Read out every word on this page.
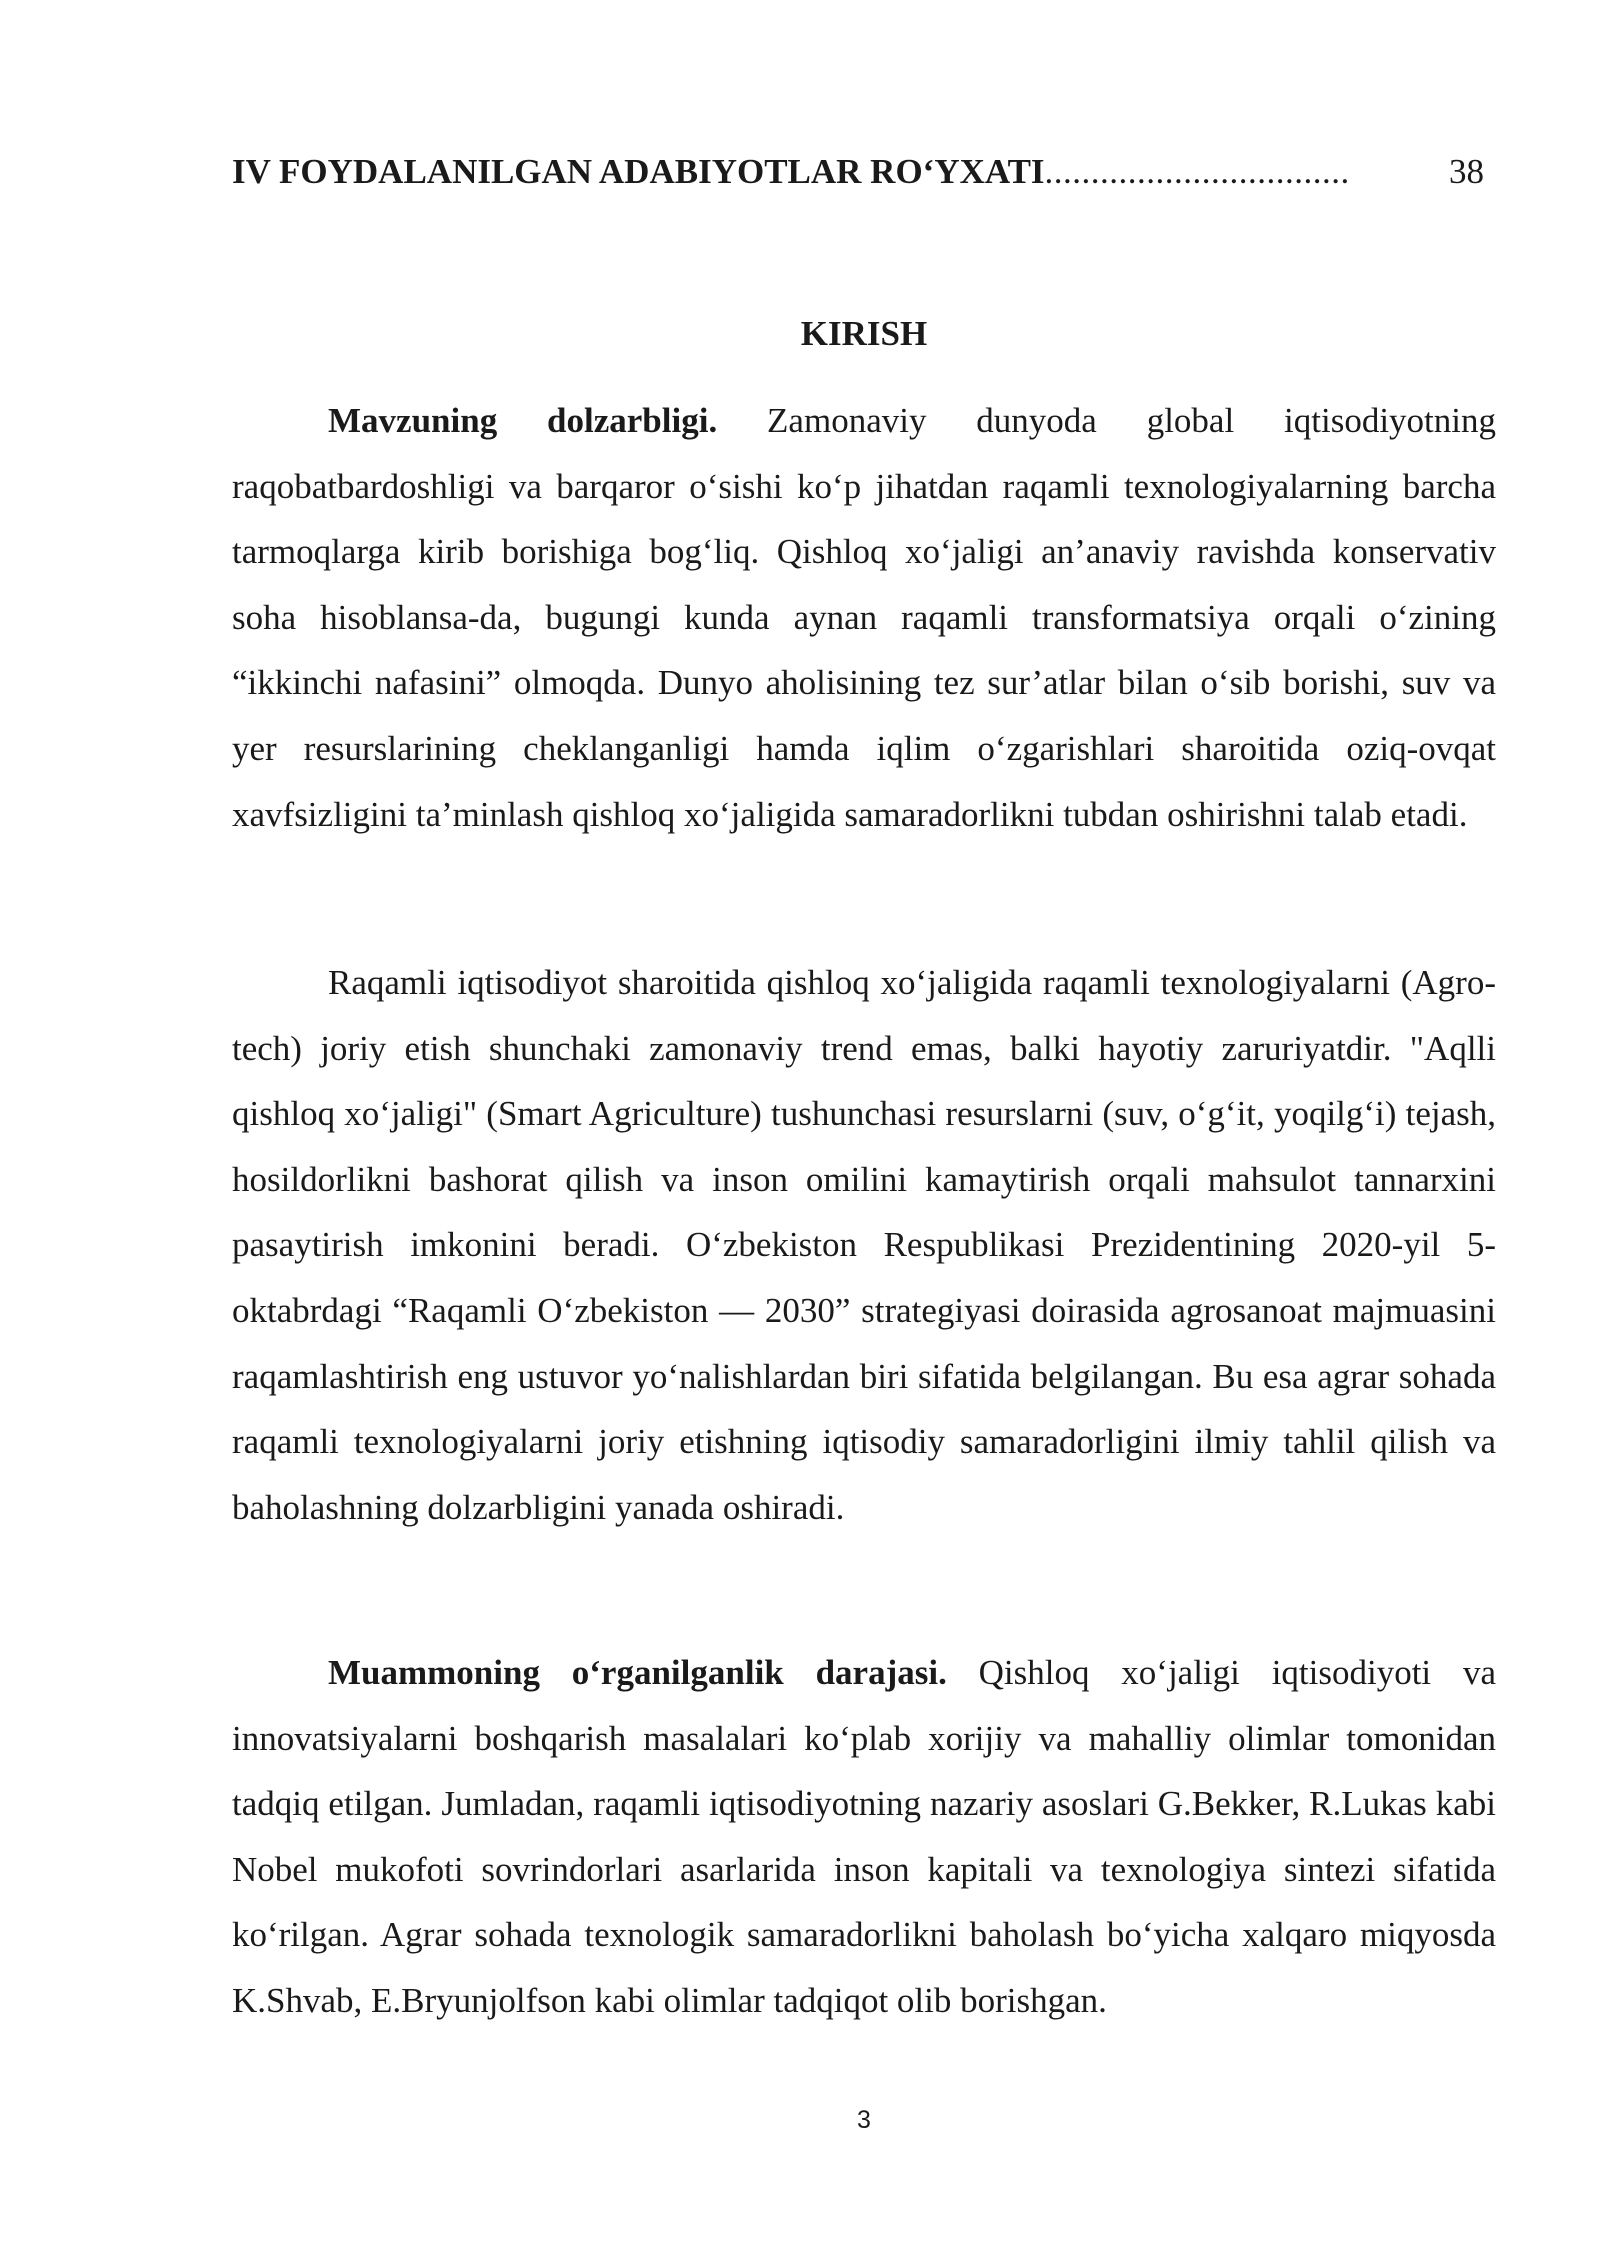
IV FOYDALANILGAN ADABIYOTLAR RO‘YXATI .................................	38
KIRISH

Mavzuning dolzarbligi. Zamonaviy dunyoda global iqtisodiyotning raqobatbardoshligi va barqaror o‘sishi ko‘p jihatdan raqamli texnologiyalarning barcha tarmoqlarga kirib borishiga bog‘liq. Qishloq xo‘jaligi an’anaviy ravishda konservativ soha hisoblansa-da, bugungi kunda aynan raqamli transformatsiya orqali o‘zining “ikkinchi nafasini” olmoqda. Dunyo aholisining tez sur’atlar bilan o‘sib borishi, suv va yer resurslarining cheklanganligi hamda iqlim o‘zgarishlari sharoitida oziq-ovqat xavfsizligini ta’minlash qishloq xo‘jaligida samaradorlikni tubdan oshirishni talab etadi.

Raqamli iqtisodiyot sharoitida qishloq xo‘jaligida raqamli texnologiyalarni (Agro-tech) joriy etish shunchaki zamonaviy trend emas, balki hayotiy zaruriyatdir. "Aqlli qishloq xo‘jaligi" (Smart Agriculture) tushunchasi resurslarni (suv, o‘g‘it, yoqilg‘i) tejash, hosildorlikni bashorat qilish va inson omilini kamaytirish orqali mahsulot tannarxini pasaytirish imkonini beradi. O‘zbekiston Respublikasi Prezidentining 2020-yil 5-oktabrdagi “Raqamli O‘zbekiston — 2030” strategiyasi doirasida agrosanoat majmuasini raqamlashtirish eng ustuvor yo‘nalishlardan biri sifatida belgilangan. Bu esa agrar sohada raqamli texnologiyalarni joriy etishning iqtisodiy samaradorligini ilmiy tahlil qilish va baholashning dolzarbligini yanada oshiradi.

Muammoning o‘rganilganlik darajasi. Qishloq xo‘jaligi iqtisodiyoti va innovatsiyalarni boshqarish masalalari ko‘plab xorijiy va mahalliy olimlar tomonidan tadqiq etilgan. Jumladan, raqamli iqtisodiyotning nazariy asoslari G.Bekker, R.Lukas kabi Nobel mukofoti sovrindorlari asarlarida inson kapitali va texnologiya sintezi sifatida ko‘rilgan. Agrar sohada texnologik samaradorlikni baholash bo‘yicha xalqaro miqyosda K.Shvab, E.Bryunjolfson kabi olimlar tadqiqot olib borishgan.

3
